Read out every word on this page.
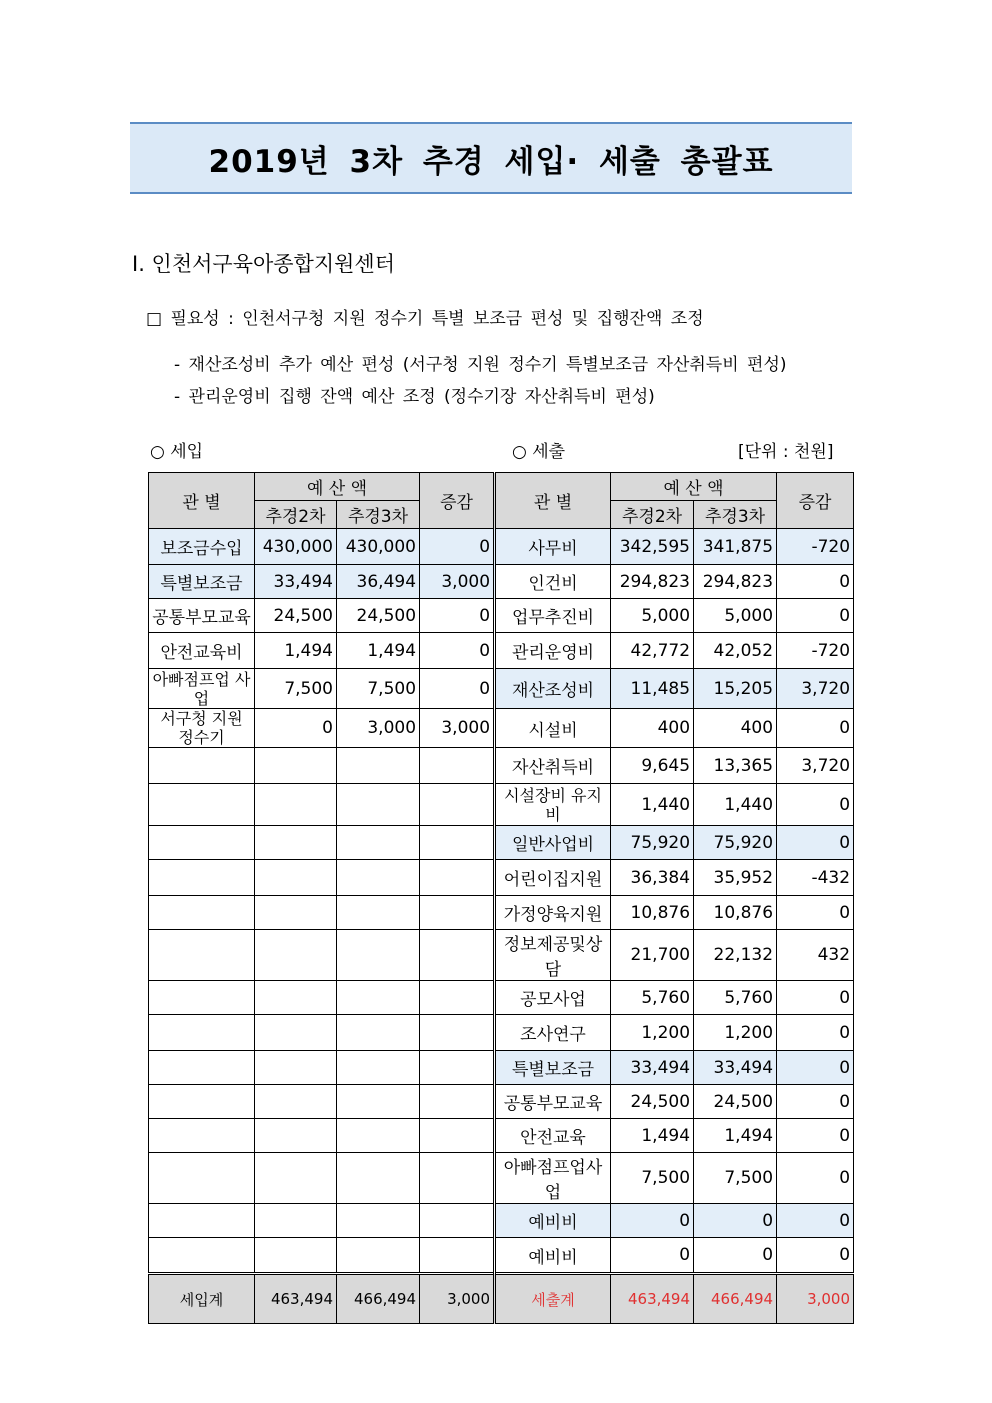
2019년 3차 추경 세입· 세출 총괄표
Ⅰ. 인천서구육아종합지원센터
□ 필요성 : 인천서구청 지원 정수기 특별 보조금 편성 및 집행잔액 조정
- 재산조성비 추가 예산 편성 (서구청 지원 정수기 특별보조금 자산취득비 편성)
- 관리운영비 집행 잔액 예산 조정 (정수기장 자산취득비 편성)
○ 세입	○ 세출	[단위 : 천원]
관 별	예 산 액		증감	관 별	예 산 액		증감
	추경2차	추경3차			추경2차	추경3차	
보조금수입	430,000	430,000	0	사무비	342,595	341,875	-720
특별보조금	33,494	36,494	3,000	인건비	294,823	294,823	0
공통부모교육	24,500	24,500	0	업무추진비	5,000	5,000	0
안전교육비	1,494	1,494	0	관리운영비	42,772	42,052	-720
아빠점프업 사업	7,500	7,500	0	재산조성비	11,485	15,205	3,720
서구청 지원 정수기	0	3,000	3,000	시설비	400	400	0
				자산취득비	9,645	13,365	3,720
				시설장비 유지비	1,440	1,440	0
				일반사업비	75,920	75,920	0
				어린이집지원	36,384	35,952	-432
				가정양육지원	10,876	10,876	0
				정보제공및상담	21,700	22,132	432
				공모사업	5,760	5,760	0
				조사연구	1,200	1,200	0
				특별보조금	33,494	33,494	0
				공통부모교육	24,500	24,500	0
				안전교육	1,494	1,494	0
				아빠점프업사업	7,500	7,500	0
				예비비	0	0	0
				예비비	0	0	0
세입계	463,494	466,494	3,000	세출계	463,494	466,494	3,000
